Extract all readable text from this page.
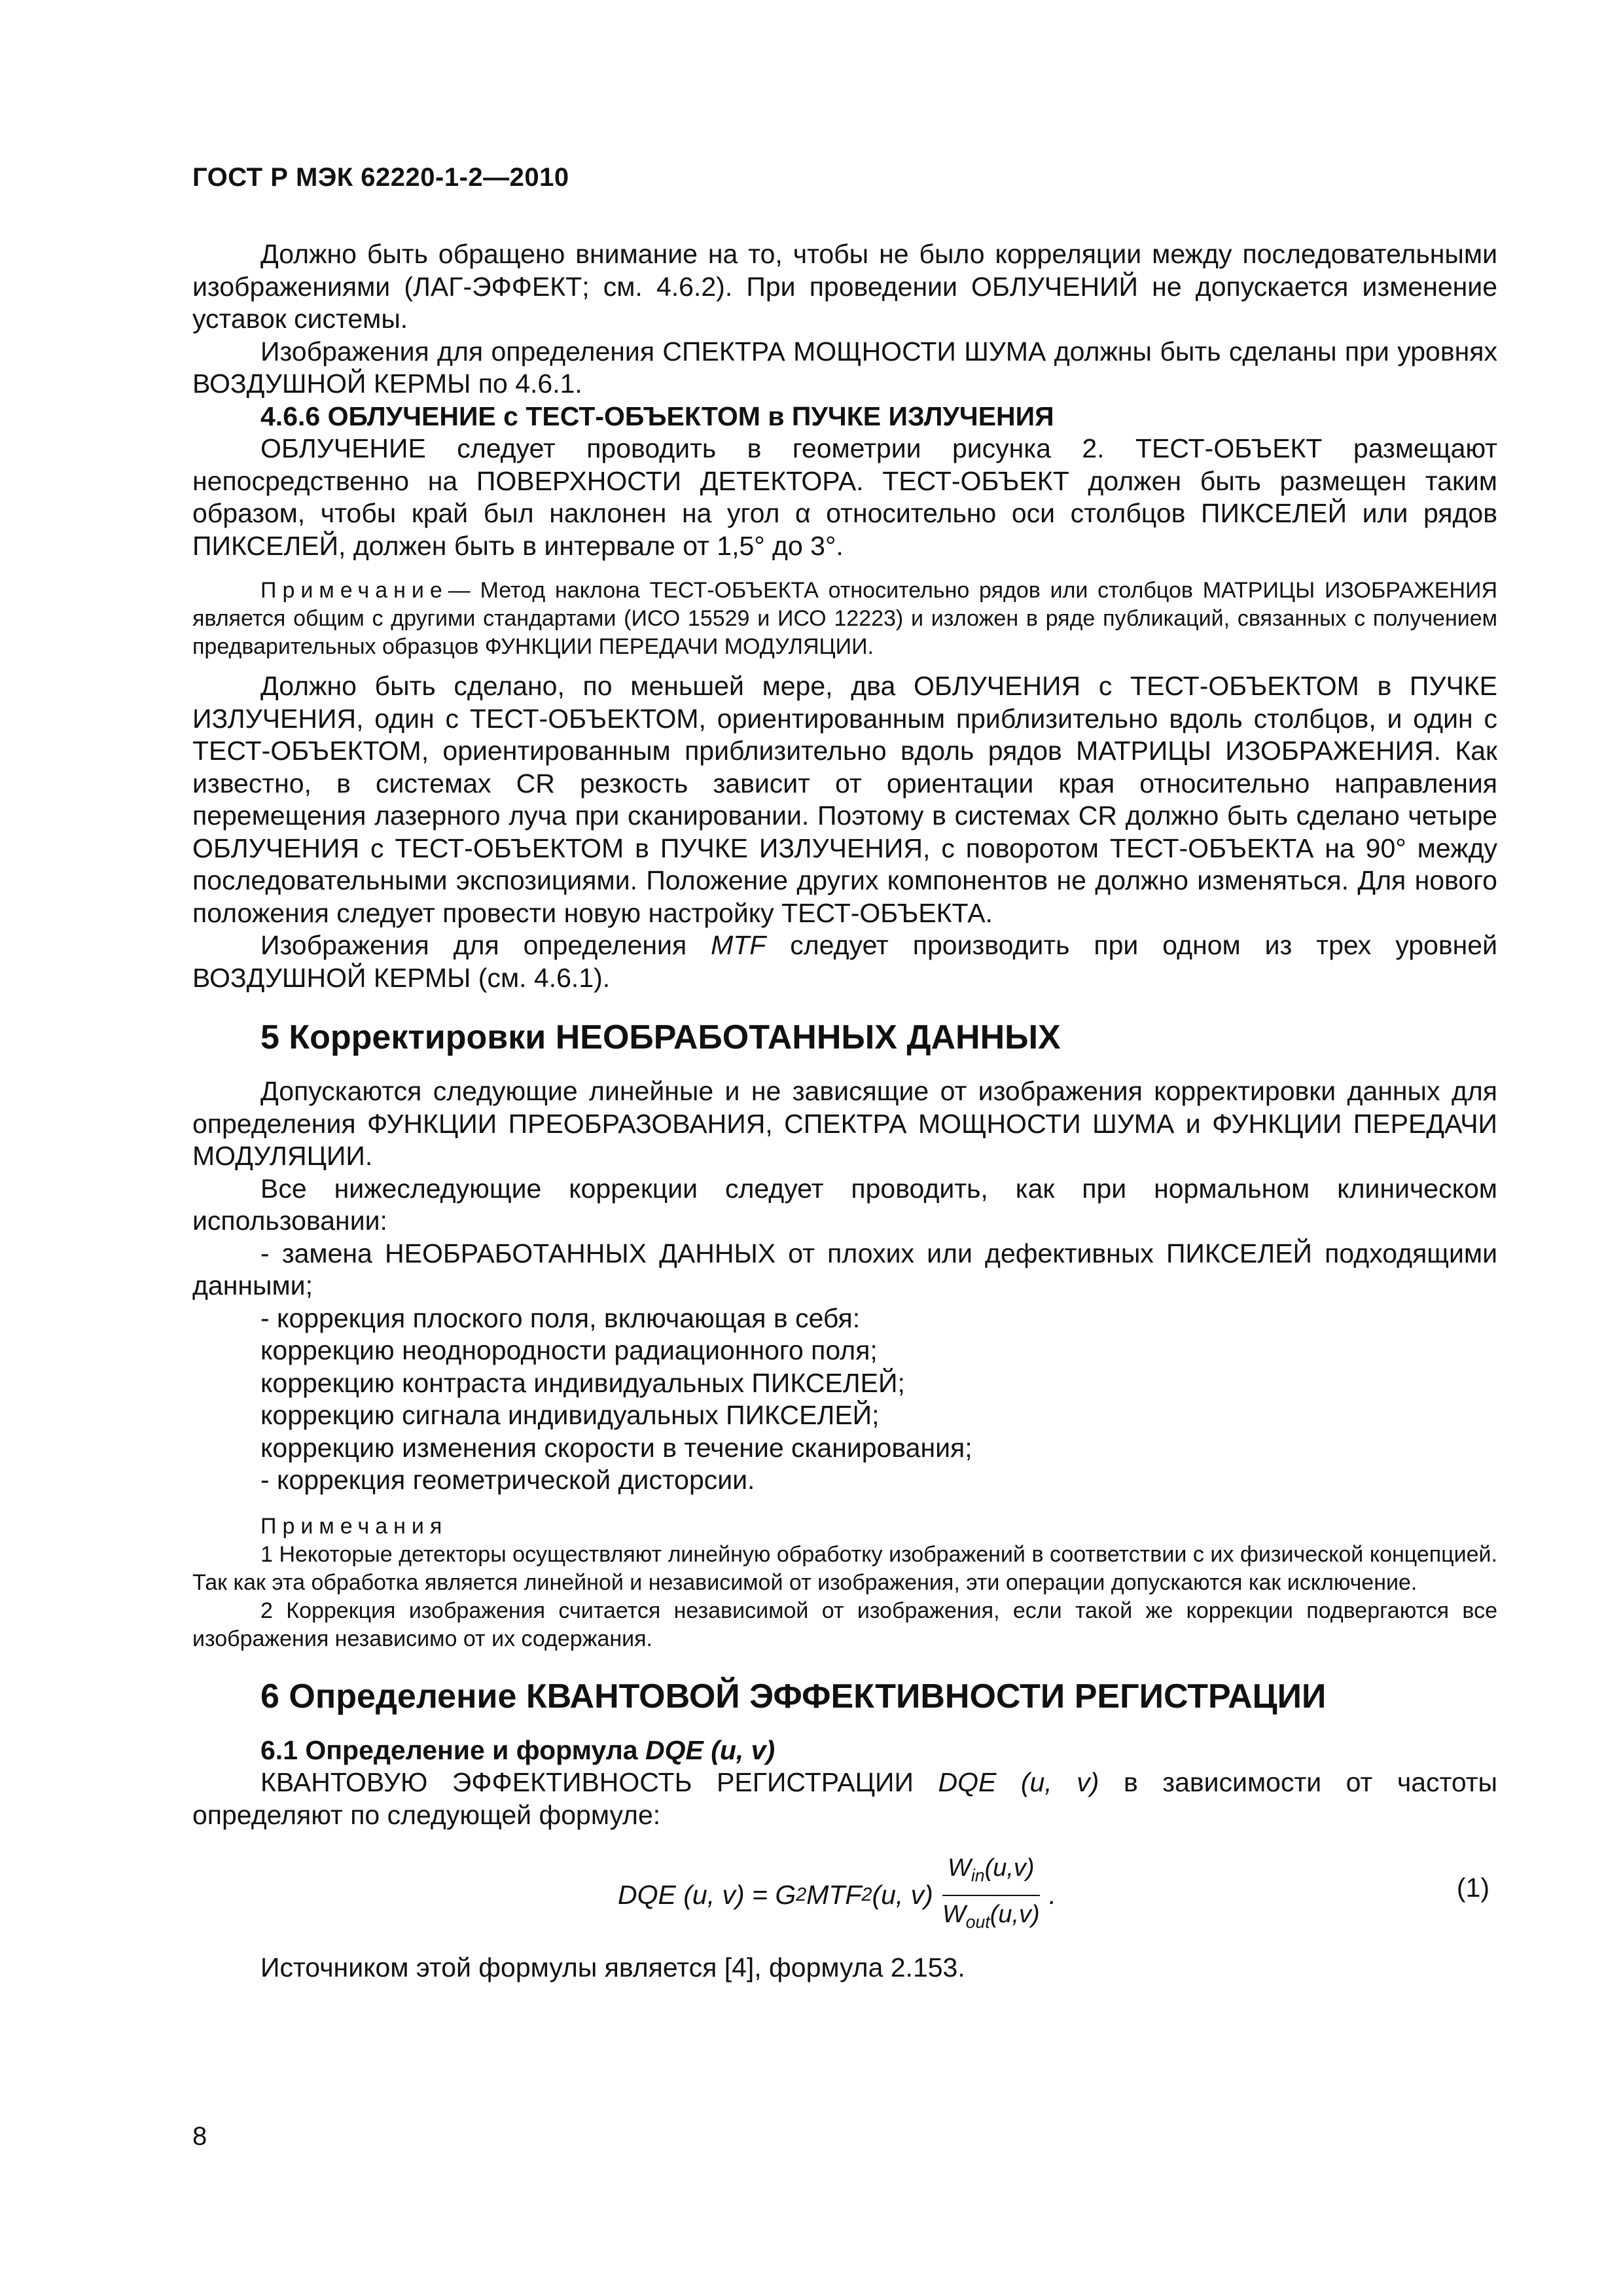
ГОСТ Р МЭК 62220-1-2—2010

Должно быть обращено внимание на то, чтобы не было корреляции между последовательными изображениями (ЛАГ-ЭФФЕКТ; см. 4.6.2). При проведении ОБЛУЧЕНИЙ не допускается изменение уставок системы.

Изображения для определения СПЕКТРА МОЩНОСТИ ШУМА должны быть сделаны при уровнях ВОЗДУШНОЙ КЕРМЫ по 4.6.1.

4.6.6 ОБЛУЧЕНИЕ с ТЕСТ-ОБЪЕКТОМ в ПУЧКЕ ИЗЛУЧЕНИЯ

ОБЛУЧЕНИЕ следует проводить в геометрии рисунка 2. ТЕСТ-ОБЪЕКТ размещают непосредственно на ПОВЕРХНОСТИ ДЕТЕКТОРА. ТЕСТ-ОБЪЕКТ должен быть размещен таким образом, чтобы край был наклонен на угол α относительно оси столбцов ПИКСЕЛЕЙ или рядов ПИКСЕЛЕЙ, должен быть в интервале от 1,5° до 3°.

Примечание— Метод наклона ТЕСТ-ОБЪЕКТА относительно рядов или столбцов МАТРИЦЫ ИЗОБРАЖЕНИЯ является общим с другими стандартами (ИСО 15529 и ИСО 12223) и изложен в ряде публикаций, связанных с получением предварительных образцов ФУНКЦИИ ПЕРЕДАЧИ МОДУЛЯЦИИ.

Должно быть сделано, по меньшей мере, два ОБЛУЧЕНИЯ с ТЕСТ-ОБЪЕКТОМ в ПУЧКЕ ИЗЛУЧЕНИЯ, один с ТЕСТ-ОБЪЕКТОМ, ориентированным приблизительно вдоль столбцов, и один с ТЕСТ-ОБЪЕКТОМ, ориентированным приблизительно вдоль рядов МАТРИЦЫ ИЗОБРАЖЕНИЯ. Как известно, в системах CR резкость зависит от ориентации края относительно направления перемещения лазерного луча при сканировании. Поэтому в системах CR должно быть сделано четыре ОБЛУЧЕНИЯ с ТЕСТ-ОБЪЕКТОМ в ПУЧКЕ ИЗЛУЧЕНИЯ, с поворотом ТЕСТ-ОБЪЕКТА на 90° между последовательными экспозициями. Положение других компонентов не должно изменяться. Для нового положения следует провести новую настройку ТЕСТ-ОБЪЕКТА.

Изображения для определения MTF следует производить при одном из трех уровней ВОЗДУШНОЙ КЕРМЫ (см. 4.6.1).

5 Корректировки НЕОБРАБОТАННЫХ ДАННЫХ

Допускаются следующие линейные и не зависящие от изображения корректировки данных для определения ФУНКЦИИ ПРЕОБРАЗОВАНИЯ, СПЕКТРА МОЩНОСТИ ШУМА и ФУНКЦИИ ПЕРЕДАЧИ МОДУЛЯЦИИ.

Все нижеследующие коррекции следует проводить, как при нормальном клиническом использовании:

- замена НЕОБРАБОТАННЫХ ДАННЫХ от плохих или дефективных ПИКСЕЛЕЙ подходящими данными;

- коррекция плоского поля, включающая в себя:

коррекцию неоднородности радиационного поля;

коррекцию контраста индивидуальных ПИКСЕЛЕЙ;

коррекцию сигнала индивидуальных ПИКСЕЛЕЙ;

коррекцию изменения скорости в течение сканирования;

- коррекция геометрической дисторсии.

Примечания

1 Некоторые детекторы осуществляют линейную обработку изображений в соответствии с их физической концепцией. Так как эта обработка является линейной и независимой от изображения, эти операции допускаются как исключение.

2 Коррекция изображения считается независимой от изображения, если такой же коррекции подвергаются все изображения независимо от их содержания.

6 Определение КВАНТОВОЙ ЭФФЕКТИВНОСТИ РЕГИСТРАЦИИ

6.1 Определение и формула DQE (u, v)

КВАНТОВУЮ ЭФФЕКТИВНОСТЬ РЕГИСТРАЦИИ DQE (u, v) в зависимости от частоты определяют по следующей формуле:

DQE (u, v) = G 2 MTF 2 (u, $v) \frac{W_{in}(u,v)}{W_{out}(u,v)}$ .	(1)

Источником этой формулы является [4], формула 2.153.

8
